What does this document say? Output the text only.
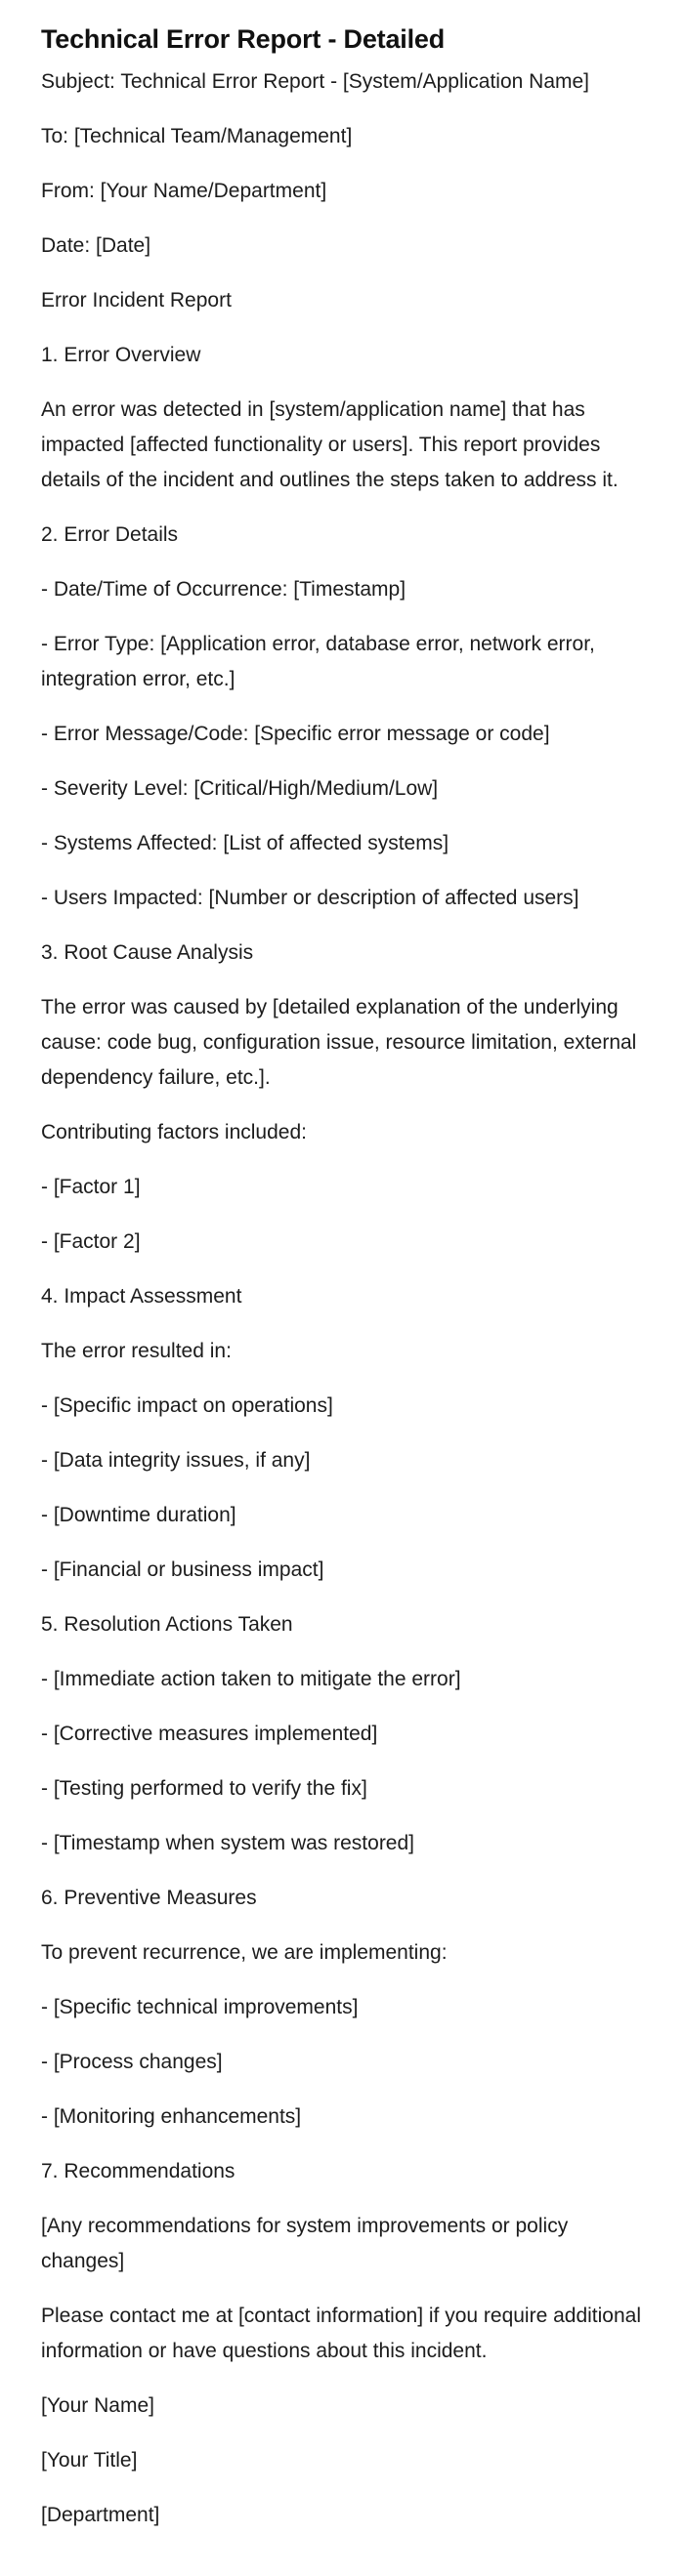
Technical Error Report - Detailed

Subject: Technical Error Report - [System/Application Name]

To: [Technical Team/Management]

From: [Your Name/Department]

Date: [Date]

Error Incident Report

1. Error Overview

An error was detected in [system/application name] that has impacted [affected functionality or users]. This report provides details of the incident and outlines the steps taken to address it.

2. Error Details

- Date/Time of Occurrence: [Timestamp]

- Error Type: [Application error, database error, network error, integration error, etc.]

- Error Message/Code: [Specific error message or code]

- Severity Level: [Critical/High/Medium/Low]

- Systems Affected: [List of affected systems]

- Users Impacted: [Number or description of affected users]

3. Root Cause Analysis

The error was caused by [detailed explanation of the underlying cause: code bug, configuration issue, resource limitation, external dependency failure, etc.].

Contributing factors included:

- [Factor 1]

- [Factor 2]

4. Impact Assessment

The error resulted in:

- [Specific impact on operations]

- [Data integrity issues, if any]

- [Downtime duration]

- [Financial or business impact]

5. Resolution Actions Taken

- [Immediate action taken to mitigate the error]

- [Corrective measures implemented]

- [Testing performed to verify the fix]

- [Timestamp when system was restored]

6. Preventive Measures

To prevent recurrence, we are implementing:

- [Specific technical improvements]

- [Process changes]

- [Monitoring enhancements]

7. Recommendations

[Any recommendations for system improvements or policy changes]

Please contact me at [contact information] if you require additional information or have questions about this incident.

[Your Name]

[Your Title]

[Department]
